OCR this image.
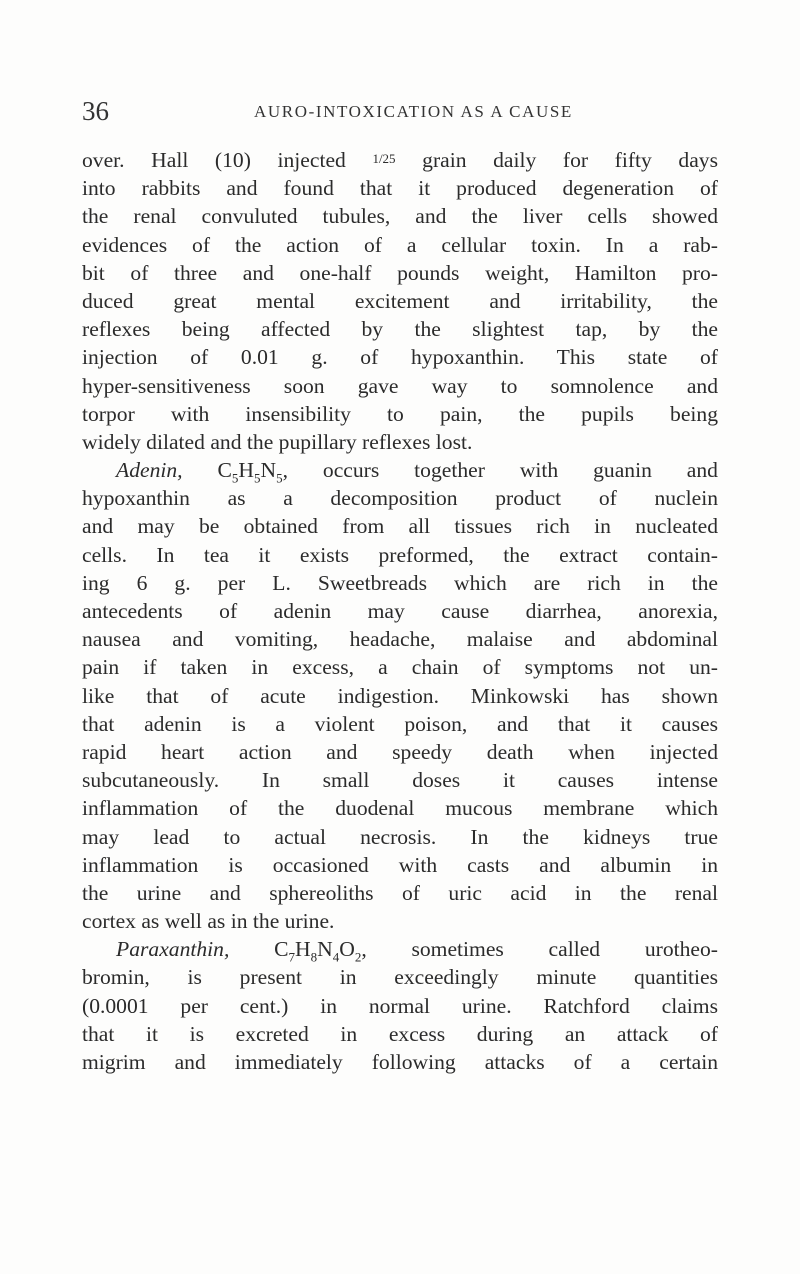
36	AURO-INTOXICATION AS A CAUSE
over. Hall (10) injected 1/25 grain daily for fifty days
into rabbits and found that it produced degeneration of
the renal convuluted tubules, and the liver cells showed
evidences of the action of a cellular toxin. In a rab-
bit of three and one-half pounds weight, Hamilton pro-
duced great mental excitement and irritability, the
reflexes being affected by the slightest tap, by the
injection of 0.01 g. of hypoxanthin. This state of
hyper-sensitiveness soon gave way to somnolence and
torpor with insensibility to pain, the pupils being
widely dilated and the pupillary reflexes lost.
Adenin, $C_5H_5N_5$, occurs together with guanin and
hypoxanthin as a decomposition product of nuclein
and may be obtained from all tissues rich in nucleated
cells. In tea it exists preformed, the extract contain-
ing 6 g. per L. Sweetbreads which are rich in the
antecedents of adenin may cause diarrhea, anorexia,
nausea and vomiting, headache, malaise and abdominal
pain if taken in excess, a chain of symptoms not un-
like that of acute indigestion. Minkowski has shown
that adenin is a violent poison, and that it causes
rapid heart action and speedy death when injected
subcutaneously. In small doses it causes intense
inflammation of the duodenal mucous membrane which
may lead to actual necrosis. In the kidneys true
inflammation is occasioned with casts and albumin in
the urine and sphereoliths of uric acid in the renal
cortex as well as in the urine.
Paraxanthin, $C_7H_8N_4O_2$, sometimes called urotheo-
bromin, is present in exceedingly minute quantities
(0.0001 per cent.) in normal urine. Ratchford claims
that it is excreted in excess during an attack of
migrim and immediately following attacks of a certain
